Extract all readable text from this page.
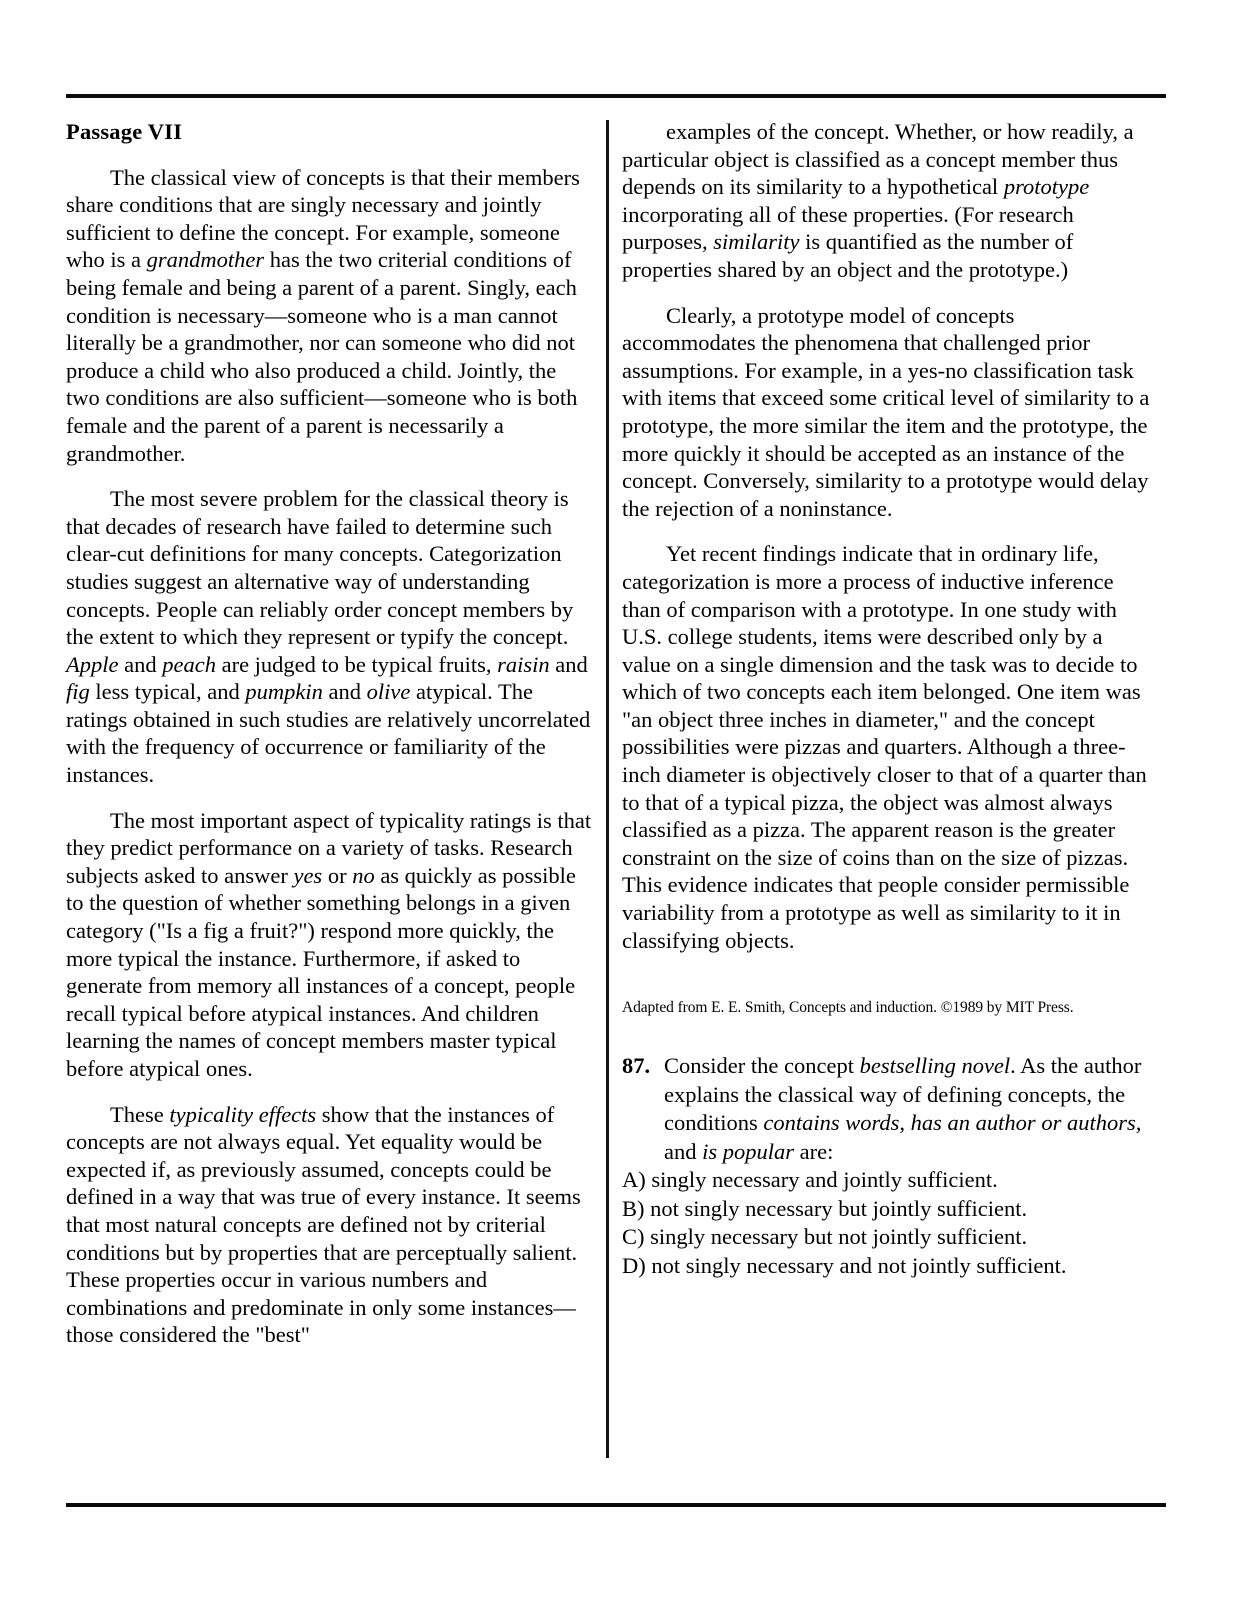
Passage VII

The classical view of concepts is that their members share conditions that are singly necessary and jointly sufficient to define the concept. For example, someone who is a grandmother has the two criterial conditions of being female and being a parent of a parent. Singly, each condition is necessary—someone who is a man cannot literally be a grandmother, nor can someone who did not produce a child who also produced a child. Jointly, the two conditions are also sufficient—someone who is both female and the parent of a parent is necessarily a grandmother.

The most severe problem for the classical theory is that decades of research have failed to determine such clear-cut definitions for many concepts. Categorization studies suggest an alternative way of understanding concepts. People can reliably order concept members by the extent to which they represent or typify the concept. Apple and peach are judged to be typical fruits, raisin and fig less typical, and pumpkin and olive atypical. The ratings obtained in such studies are relatively uncorrelated with the frequency of occurrence or familiarity of the instances.

The most important aspect of typicality ratings is that they predict performance on a variety of tasks. Research subjects asked to answer yes or no as quickly as possible to the question of whether something belongs in a given category ("Is a fig a fruit?") respond more quickly, the more typical the instance. Furthermore, if asked to generate from memory all instances of a concept, people recall typical before atypical instances. And children learning the names of concept members master typical before atypical ones.

These typicality effects show that the instances of concepts are not always equal. Yet equality would be expected if, as previously assumed, concepts could be defined in a way that was true of every instance. It seems that most natural concepts are defined not by criterial conditions but by properties that are perceptually salient. These properties occur in various numbers and combinations and predominate in only some instances—those considered the "best"

examples of the concept. Whether, or how readily, a particular object is classified as a concept member thus depends on its similarity to a hypothetical prototype incorporating all of these properties. (For research purposes, similarity is quantified as the number of properties shared by an object and the prototype.)

Clearly, a prototype model of concepts accommodates the phenomena that challenged prior assumptions. For example, in a yes-no classification task with items that exceed some critical level of similarity to a prototype, the more similar the item and the prototype, the more quickly it should be accepted as an instance of the concept. Conversely, similarity to a prototype would delay the rejection of a noninstance.

Yet recent findings indicate that in ordinary life, categorization is more a process of inductive inference than of comparison with a prototype. In one study with U.S. college students, items were described only by a value on a single dimension and the task was to decide to which of two concepts each item belonged. One item was "an object three inches in diameter," and the concept possibilities were pizzas and quarters. Although a three-inch diameter is objectively closer to that of a quarter than to that of a typical pizza, the object was almost always classified as a pizza. The apparent reason is the greater constraint on the size of coins than on the size of pizzas. This evidence indicates that people consider permissible variability from a prototype as well as similarity to it in classifying objects.

Adapted from E. E. Smith, Concepts and induction. ©1989 by MIT Press.
87. Consider the concept bestselling novel. As the author explains the classical way of defining concepts, the conditions contains words, has an author or authors, and is popular are:
A) singly necessary and jointly sufficient.
B) not singly necessary but jointly sufficient.
C) singly necessary but not jointly sufficient.
D) not singly necessary and not jointly sufficient.
